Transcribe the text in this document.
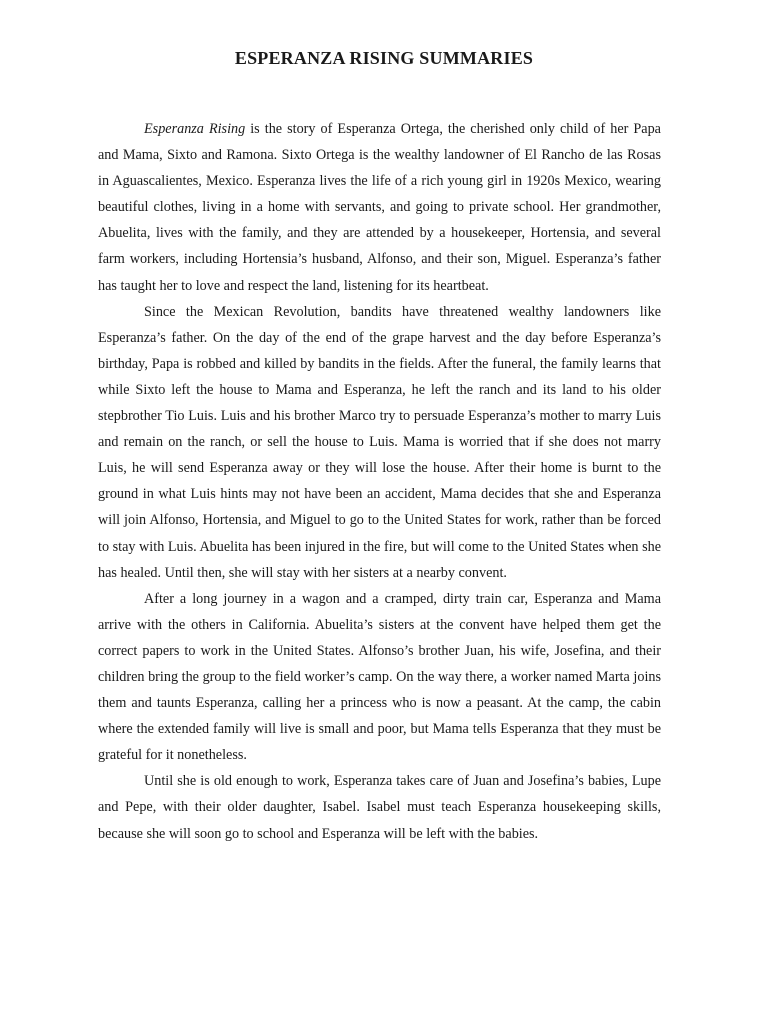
ESPERANZA RISING SUMMARIES

Esperanza Rising is the story of Esperanza Ortega, the cherished only child of her Papa and Mama, Sixto and Ramona. Sixto Ortega is the wealthy landowner of El Rancho de las Rosas in Aguascalientes, Mexico. Esperanza lives the life of a rich young girl in 1920s Mexico, wearing beautiful clothes, living in a home with servants, and going to private school. Her grandmother, Abuelita, lives with the family, and they are attended by a housekeeper, Hortensia, and several farm workers, including Hortensia’s husband, Alfonso, and their son, Miguel. Esperanza’s father has taught her to love and respect the land, listening for its heartbeat.

Since the Mexican Revolution, bandits have threatened wealthy landowners like Esperanza’s father. On the day of the end of the grape harvest and the day before Esperanza’s birthday, Papa is robbed and killed by bandits in the fields. After the funeral, the family learns that while Sixto left the house to Mama and Esperanza, he left the ranch and its land to his older stepbrother Tio Luis. Luis and his brother Marco try to persuade Esperanza’s mother to marry Luis and remain on the ranch, or sell the house to Luis. Mama is worried that if she does not marry Luis, he will send Esperanza away or they will lose the house. After their home is burnt to the ground in what Luis hints may not have been an accident, Mama decides that she and Esperanza will join Alfonso, Hortensia, and Miguel to go to the United States for work, rather than be forced to stay with Luis. Abuelita has been injured in the fire, but will come to the United States when she has healed. Until then, she will stay with her sisters at a nearby convent.

After a long journey in a wagon and a cramped, dirty train car, Esperanza and Mama arrive with the others in California. Abuelita’s sisters at the convent have helped them get the correct papers to work in the United States. Alfonso’s brother Juan, his wife, Josefina, and their children bring the group to the field worker’s camp. On the way there, a worker named Marta joins them and taunts Esperanza, calling her a princess who is now a peasant. At the camp, the cabin where the extended family will live is small and poor, but Mama tells Esperanza that they must be grateful for it nonetheless.

Until she is old enough to work, Esperanza takes care of Juan and Josefina’s babies, Lupe and Pepe, with their older daughter, Isabel. Isabel must teach Esperanza housekeeping skills, because she will soon go to school and Esperanza will be left with the babies.
